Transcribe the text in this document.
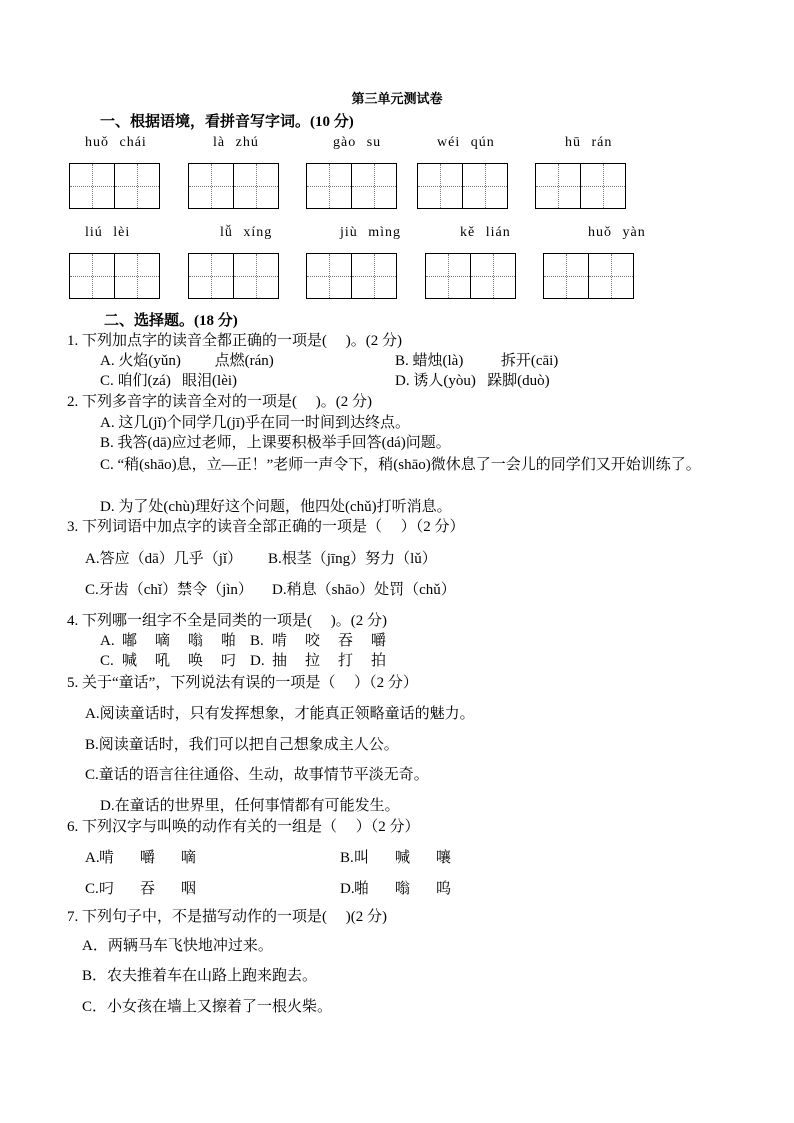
第三单元测试卷
一、根据语境，看拼音写字词。(10 分)
huǒ chái	là zhú	gào su	wéi qún	hū rán
liú lèi	lǚ xíng	jiù mìng	kě lián	huǒ yàn
二、选择题。(18 分)
1. 下列加点字的读音全都正确的一项是(     )。(2 分)
A. 火焰(yǔn)         点燃(rán)	B. 蜡烛(là)          拆开(cāi)
C. 咱们(zá)   眼泪(lèi)	D. 诱人(yòu)   跺脚(duò)
2. 下列多音字的读音全对的一项是(     )。(2 分)
A. 这几(jǐ)个同学几(jī)乎在同一时间到达终点。
B. 我答(dā)应过老师，上课要积极举手回答(dá)问题。
C. “稍(shāo)息，立—正！”老师一声令下，稍(shāo)微休息了一会儿的同学们又开始训练了。
D. 为了处(chù)理好这个问题，他四处(chǔ)打听消息。
3. 下列词语中加点字的读音全部正确的一项是（     ）（2 分）
A.答应（dā）几乎（jǐ） B.根茎（jīng）努力（lǔ）
C.牙齿（chǐ）禁令（jìn） D.稍息（shāo）处罚（chǔ）
4. 下列哪一组字不全是同类的一项是(     )。(2 分)
A. 嘟 嘀 嗡 啪 B. 啃 咬 吞 嚼
C. 喊 吼 唤 叼 D. 抽 拉 打 拍
5. 关于“童话”，下列说法有误的一项是（     ）（2 分）
A.阅读童话时，只有发挥想象，才能真正领略童话的魅力。
B.阅读童话时，我们可以把自己想象成主人公。
C.童话的语言往往通俗、生动，故事情节平淡无奇。
D.在童话的世界里，任何事情都有可能发生。
6. 下列汉字与叫唤的动作有关的一组是（     ）（2 分）
A.啃 嚼 嘀	B.叫 喊 嚷
C.叼 吞 咽	D.啪 嗡 呜
7. 下列句子中，不是描写动作的一项是(     )(2 分)
A．两辆马车飞快地冲过来。
B．农夫推着车在山路上跑来跑去。
C．小女孩在墙上又擦着了一根火柴。
